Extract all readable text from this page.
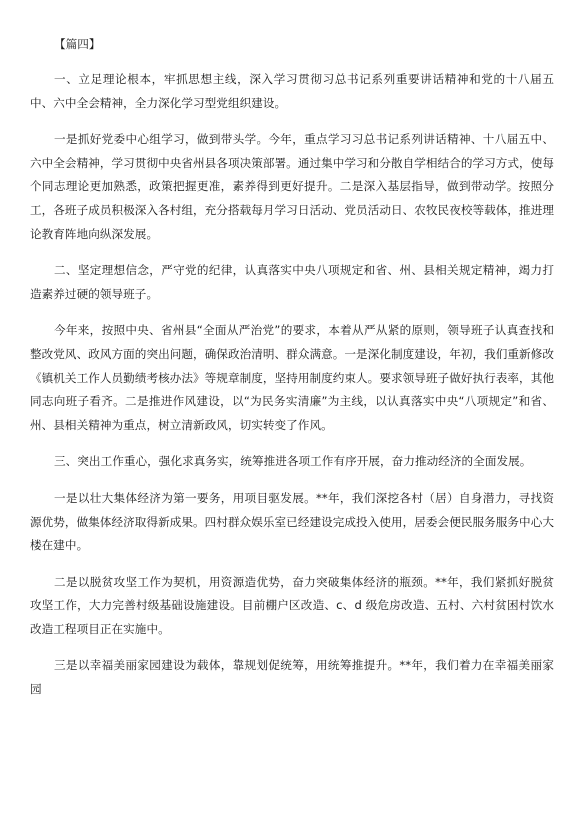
【篇四】

一、立足理论根本，牢抓思想主线，深入学习贯彻习总书记系列重要讲话精神和党的十八届五中、六中全会精神，全力深化学习型党组织建设。

一是抓好党委中心组学习，做到带头学。今年，重点学习习总书记系列讲话精神、十八届五中、六中全会精神，学习贯彻中央省州县各项决策部署。通过集中学习和分散自学相结合的学习方式，使每个同志理论更加熟悉，政策把握更准，素养得到更好提升。二是深入基层指导，做到带动学。按照分工，各班子成员积极深入各村组，充分搭载每月学习日活动、党员活动日、农牧民夜校等载体，推进理论教育阵地向纵深发展。

二、坚定理想信念，严守党的纪律，认真落实中央八项规定和省、州、县相关规定精神，竭力打造素养过硬的领导班子。

今年来，按照中央、省州县“全面从严治党”的要求，本着从严从紧的原则，领导班子认真查找和整改党风、政风方面的突出问题，确保政治清明、群众满意。一是深化制度建设，年初，我们重新修改《镇机关工作人员勤绩考核办法》等规章制度，坚持用制度约束人。要求领导班子做好执行表率，其他同志向班子看齐。二是推进作风建设，以“为民务实清廉”为主线，以认真落实中央“八项规定”和省、州、县相关精神为重点，树立清新政风，切实转变了作风。

三、突出工作重心，强化求真务实，统筹推进各项工作有序开展，奋力推动经济的全面发展。

一是以壮大集体经济为第一要务，用项目驱发展。**年，我们深挖各村（居）自身潜力，寻找资源优势，做集体经济取得新成果。四村群众娱乐室已经建设完成投入使用，居委会便民服务服务中心大楼在建中。

二是以脱贫攻坚工作为契机，用资源造优势，奋力突破集体经济的瓶颈。**年，我们紧抓好脱贫攻坚工作，大力完善村级基础设施建设。目前棚户区改造、c、d 级危房改造、五村、六村贫困村饮水改造工程项目正在实施中。

三是以幸福美丽家园建设为载体，靠规划促统筹，用统筹推提升。**年，我们着力在幸福美丽家园
